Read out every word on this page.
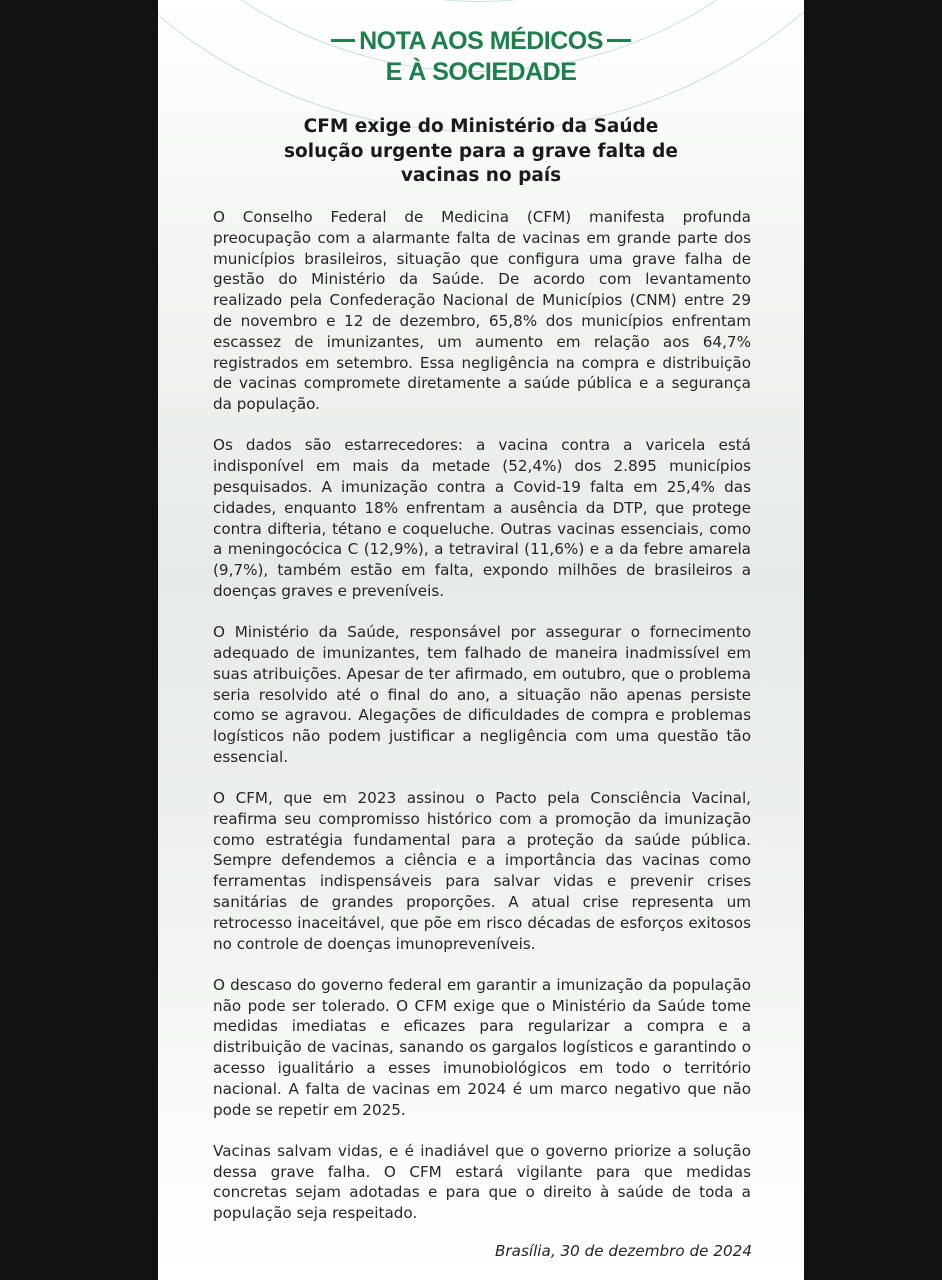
NOTA AOS MÉDICOS
E À SOCIEDADE
CFM exige do Ministério da Saúde
solução urgente para a grave falta de
vacinas no país

O Conselho Federal de Medicina (CFM) manifesta profunda preocupação com a alarmante falta de vacinas em grande parte dos municípios brasileiros, situação que configura uma grave falha de gestão do Ministério da Saúde. De acordo com levantamento realizado pela Confederação Nacional de Municípios (CNM) entre 29 de novembro e 12 de dezembro, 65,8% dos municípios enfrentam escassez de imunizantes, um aumento em relação aos 64,7% registrados em setembro. Essa negligência na compra e distribuição de vacinas compromete diretamente a saúde pública e a segurança da população.

Os dados são estarrecedores: a vacina contra a varicela está indisponível em mais da metade (52,4%) dos 2.895 municípios pesquisados. A imunização contra a Covid-19 falta em 25,4% das cidades, enquanto 18% enfrentam a ausência da DTP, que protege contra difteria, tétano e coqueluche. Outras vacinas essenciais, como a meningocócica C (12,9%), a tetraviral (11,6%) e a da febre amarela (9,7%), também estão em falta, expondo milhões de brasileiros a doenças graves e preveníveis.

O Ministério da Saúde, responsável por assegurar o fornecimento adequado de imunizantes, tem falhado de maneira inadmissível em suas atribuições. Apesar de ter afirmado, em outubro, que o problema seria resolvido até o final do ano, a situação não apenas persiste como se agravou. Alegações de dificuldades de compra e problemas logísticos não podem justificar a negligência com uma questão tão essencial.

O CFM, que em 2023 assinou o Pacto pela Consciência Vacinal, reafirma seu compromisso histórico com a promoção da imunização como estratégia fundamental para a proteção da saúde pública. Sempre defendemos a ciência e a importância das vacinas como ferramentas indispensáveis para salvar vidas e prevenir crises sanitárias de grandes proporções. A atual crise representa um retrocesso inaceitável, que põe em risco décadas de esforços exitosos no controle de doenças imunopreveníveis.

O descaso do governo federal em garantir a imunização da população não pode ser tolerado. O CFM exige que o Ministério da Saúde tome medidas imediatas e eficazes para regularizar a compra e a distribuição de vacinas, sanando os gargalos logísticos e garantindo o acesso igualitário a esses imunobiológicos em todo o território nacional. A falta de vacinas em 2024 é um marco negativo que não pode se repetir em 2025.

Vacinas salvam vidas, e é inadiável que o governo priorize a solução dessa grave falha. O CFM estará vigilante para que medidas concretas sejam adotadas e para que o direito à saúde de toda a população seja respeitado.

Brasília, 30 de dezembro de 2024
